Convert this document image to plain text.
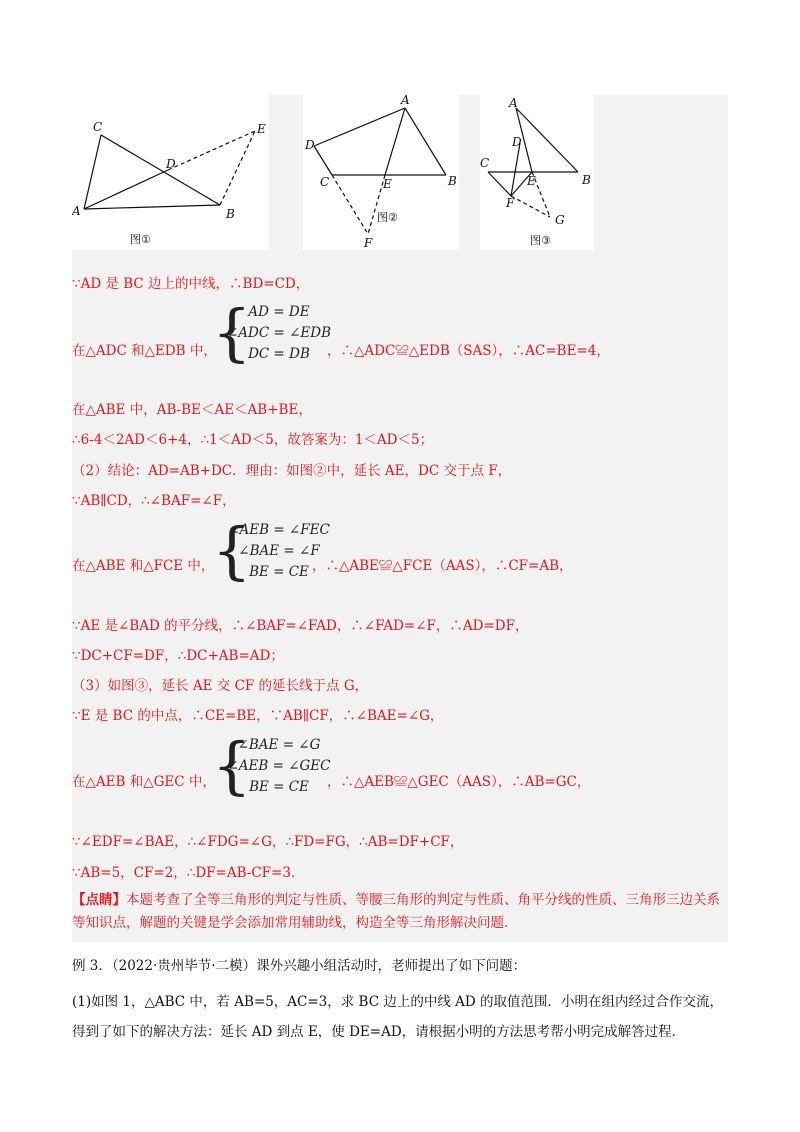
A	B
C
D
E
图①
A
B
C
D
E
F
图②
A
B
C
D
E
F
G
图③
∵AD 是 BC 边上的中线，∴BD=CD，
在△ADC 和△EDB 中，
{
AD = DE
∠ADC = ∠EDB
DC = DB	，∴△ADC≌△EDB（SAS），∴AC=BE=4，
在△ABE 中，AB-BE＜AE＜AB+BE，
∴6-4＜2AD＜6+4，∴1＜AD＜5，故答案为：1＜AD＜5；
（2）结论：AD=AB+DC．理由：如图②中，延长 AE，DC 交于点 F，
∵AB∥CD，∴∠BAF=∠F，
在△ABE 和△FCE 中，
{
∠AEB = ∠FEC
∠BAE = ∠F
BE = CE ，∴△ABE≌△FCE（AAS），∴CF=AB，
∵AE 是∠BAD 的平分线，∴∠BAF=∠FAD，∴∠FAD=∠F，∴AD=DF，
∵DC+CF=DF，∴DC+AB=AD；
（3）如图③，延长 AE 交 CF 的延长线于点 G，
∵E 是 BC 的中点，∴CE=BE，∵AB∥CF，∴∠BAE=∠G，
在△AEB 和△GEC 中，
{
∠BAE = ∠G
∠AEB = ∠GEC
BE = CE	，∴△AEB≌△GEC（AAS），∴AB=GC，
∵∠EDF=∠BAE，∴∠FDG=∠G，∴FD=FG，∴AB=DF+CF，
∵AB=5，CF=2，∴DF=AB-CF=3．
【点睛】本题考查了全等三角形的判定与性质、等腰三角形的判定与性质、角平分线的性质、三角形三边关系等知识点，解题的关键是学会添加常用辅助线，构造全等三角形解决问题．
例 3．（2022·贵州毕节·二模）课外兴趣小组活动时，老师提出了如下问题：
(1)如图 1，△ABC 中，若 AB=5，AC=3，求 BC 边上的中线 AD 的取值范围．小明在组内经过合作交流，得到了如下的解决方法：延长 AD 到点 E，使 DE=AD，请根据小明的方法思考帮小明完成解答过程．
